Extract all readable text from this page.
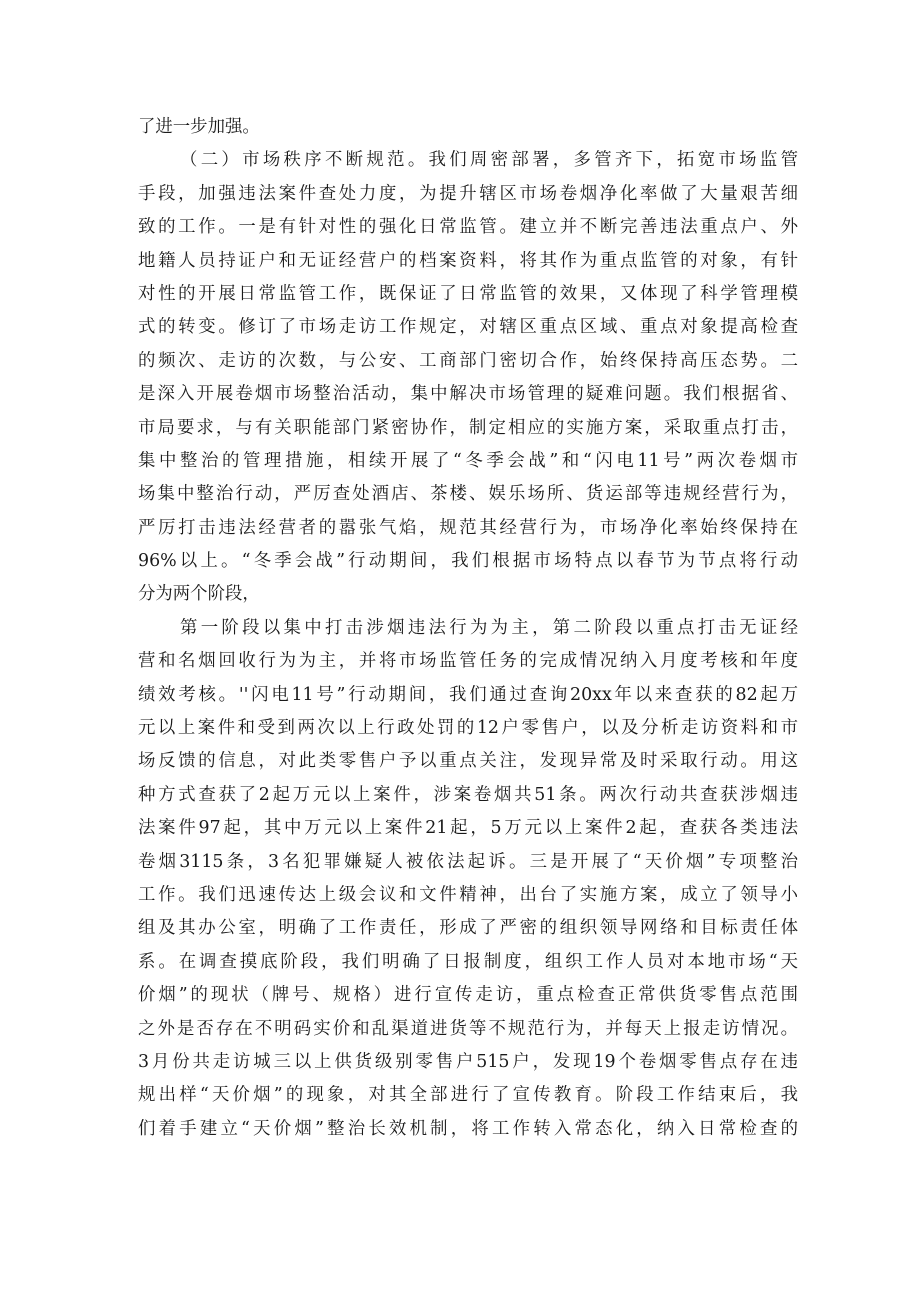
了进一步加强。
（二）市场秩序不断规范。我们周密部署，多管齐下，拓宽市场监管
手段，加强违法案件查处力度，为提升辖区市场卷烟净化率做了大量艰苦细
致的工作。一是有针对性的强化日常监管。建立并不断完善违法重点户、外
地籍人员持证户和无证经营户的档案资料，将其作为重点监管的对象，有针
对性的开展日常监管工作，既保证了日常监管的效果，又体现了科学管理模
式的转变。修订了市场走访工作规定，对辖区重点区域、重点对象提高检查
的频次、走访的次数，与公安、工商部门密切合作，始终保持高压态势。二
是深入开展卷烟市场整治活动，集中解决市场管理的疑难问题。我们根据省、
市局要求，与有关职能部门紧密协作，制定相应的实施方案，采取重点打击，
集中整治的管理措施，相续开展了“冬季会战”和“闪电11号”两次卷烟市
场集中整治行动，严厉查处酒店、茶楼、娱乐场所、货运部等违规经营行为，
严厉打击违法经营者的嚣张气焰，规范其经营行为，市场净化率始终保持在
96%以上。“冬季会战”行动期间，我们根据市场特点以春节为节点将行动
分为两个阶段，
第一阶段以集中打击涉烟违法行为为主，第二阶段以重点打击无证经
营和名烟回收行为为主，并将市场监管任务的完成情况纳入月度考核和年度
绩效考核。''闪电11号”行动期间，我们通过查询20xx年以来查获的82起万
元以上案件和受到两次以上行政处罚的12户零售户，以及分析走访资料和市
场反馈的信息，对此类零售户予以重点关注，发现异常及时采取行动。用这
种方式查获了2起万元以上案件，涉案卷烟共51条。两次行动共查获涉烟违
法案件97起，其中万元以上案件21起，5万元以上案件2起，查获各类违法
卷烟3115条，3名犯罪嫌疑人被依法起诉。三是开展了“天价烟”专项整治
工作。我们迅速传达上级会议和文件精神，出台了实施方案，成立了领导小
组及其办公室，明确了工作责任，形成了严密的组织领导网络和目标责任体
系。在调查摸底阶段，我们明确了日报制度，组织工作人员对本地市场“天
价烟”的现状（牌号、规格）进行宣传走访，重点检查正常供货零售点范围
之外是否存在不明码实价和乱渠道进货等不规范行为，并每天上报走访情况。
3月份共走访城三以上供货级别零售户515户，发现19个卷烟零售点存在违
规出样“天价烟”的现象，对其全部进行了宣传教育。阶段工作结束后，我
们着手建立“天价烟”整治长效机制，将工作转入常态化，纳入日常检查的
